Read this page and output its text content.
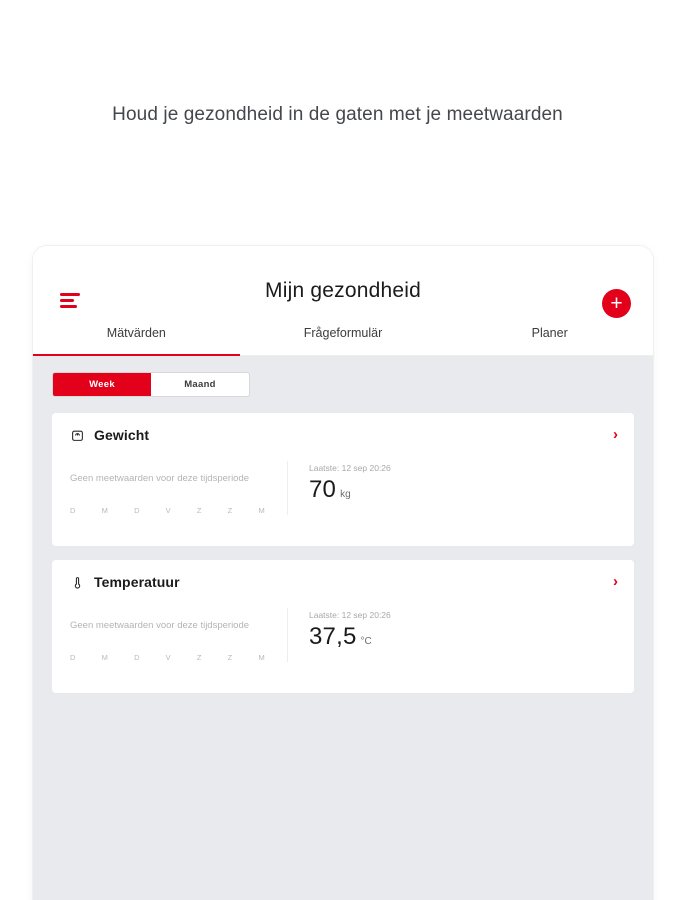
Houd je gezondheid in de gaten met je meetwaarden
Mijn gezondheid
+
Mätvärden	Frågeformulär	Planer
Week	Maand
Gewicht	›
Geen meetwaarden voor deze tijdsperiode
D	M	D	V	Z	Z	M
Laatste: 12 sep 20:26
70 kg
Temperatuur	›
Geen meetwaarden voor deze tijdsperiode
D	M	D	V	Z	Z	M
Laatste: 12 sep 20:26
37,5 °C
